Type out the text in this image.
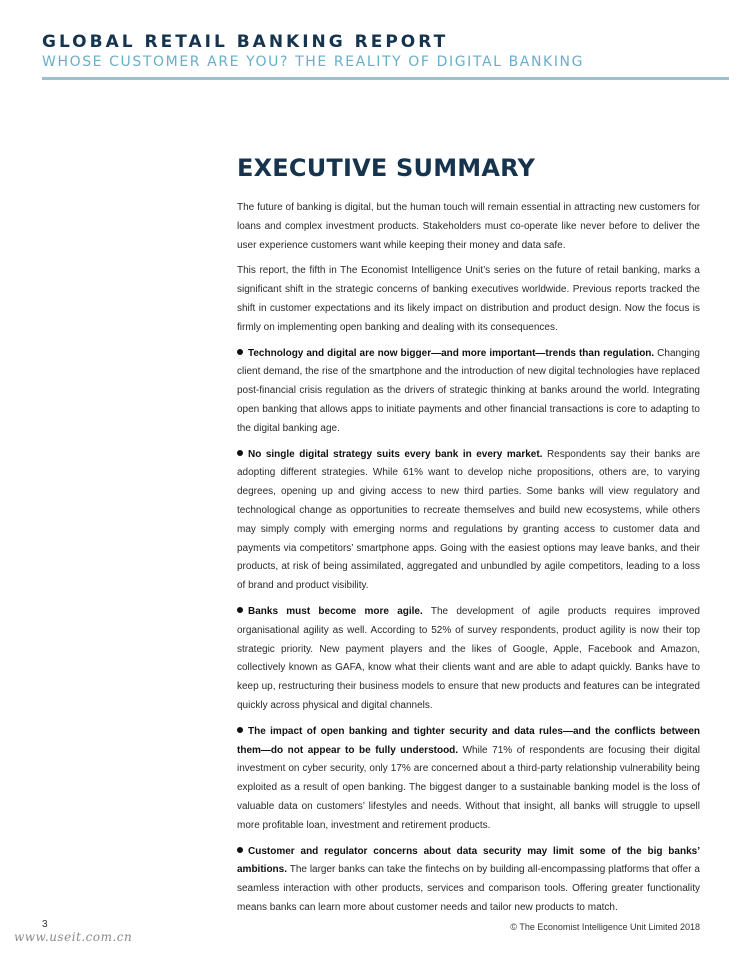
GLOBAL RETAIL BANKING REPORT
WHOSE CUSTOMER ARE YOU? THE REALITY OF DIGITAL BANKING
EXECUTIVE SUMMARY

The future of banking is digital, but the human touch will remain essential in attracting new customers for loans and complex investment products. Stakeholders must co-operate like never before to deliver the user experience customers want while keeping their money and data safe.

This report, the fifth in The Economist Intelligence Unit’s series on the future of retail banking, marks a significant shift in the strategic concerns of banking executives worldwide. Previous reports tracked the shift in customer expectations and its likely impact on distribution and product design. Now the focus is firmly on implementing open banking and dealing with its consequences.

Technology and digital are now bigger—and more important—trends than regulation. Changing client demand, the rise of the smartphone and the introduction of new digital technologies have replaced post-financial crisis regulation as the drivers of strategic thinking at banks around the world. Integrating open banking that allows apps to initiate payments and other financial transactions is core to adapting to the digital banking age.

No single digital strategy suits every bank in every market. Respondents say their banks are adopting different strategies. While 61% want to develop niche propositions, others are, to varying degrees, opening up and giving access to new third parties. Some banks will view regulatory and technological change as opportunities to recreate themselves and build new ecosystems, while others may simply comply with emerging norms and regulations by granting access to customer data and payments via competitors’ smartphone apps. Going with the easiest options may leave banks, and their products, at risk of being assimilated, aggregated and unbundled by agile competitors, leading to a loss of brand and product visibility.

Banks must become more agile. The development of agile products requires improved organisational agility as well. According to 52% of survey respondents, product agility is now their top strategic priority. New payment players and the likes of Google, Apple, Facebook and Amazon, collectively known as GAFA, know what their clients want and are able to adapt quickly. Banks have to keep up, restructuring their business models to ensure that new products and features can be integrated quickly across physical and digital channels.

The impact of open banking and tighter security and data rules—and the conflicts between them—do not appear to be fully understood. While 71% of respondents are focusing their digital investment on cyber security, only 17% are concerned about a third-party relationship vulnerability being exploited as a result of open banking. The biggest danger to a sustainable banking model is the loss of valuable data on customers’ lifestyles and needs. Without that insight, all banks will struggle to upsell more profitable loan, investment and retirement products.

Customer and regulator concerns about data security may limit some of the big banks’ ambitions. The larger banks can take the fintechs on by building all-encompassing platforms that offer a seamless interaction with other products, services and comparison tools. Offering greater functionality means banks can learn more about customer needs and tailor new products to match.

3	© The Economist Intelligence Unit Limited 2018
www.useit.com.cn
